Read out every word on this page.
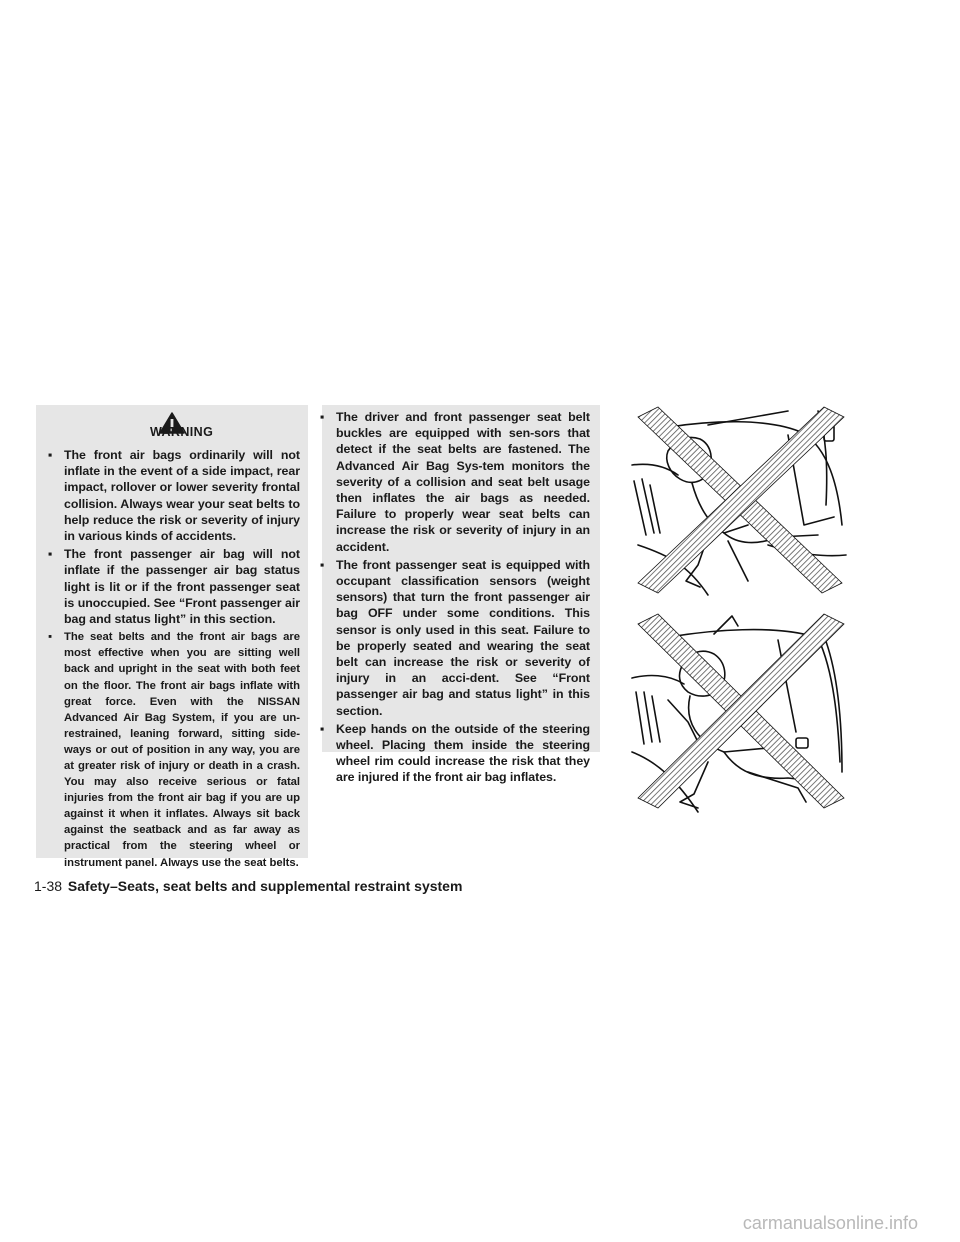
WARNING
▪ The front air bags ordinarily will not inflate in the event of a side impact, rear impact, rollover or lower severity frontal collision. Always wear your seat belts to help reduce the risk or severity of injury in various kinds of accidents.
▪ The front passenger air bag will not inflate if the passenger air bag status light is lit or if the front passenger seat is unoccupied. See “Front passenger air bag and status light” in this section.
▪ The seat belts and the front air bags are most effective when you are sitting well back and upright in the seat with both feet on the floor. The front air bags inflate with great force. Even with the NISSAN Advanced Air Bag System, if you are un-restrained, leaning forward, sitting side-ways or out of position in any way, you are at greater risk of injury or death in a crash. You may also receive serious or fatal injuries from the front air bag if you are up against it when it inflates. Always sit back against the seatback and as far away as practical from the steering wheel or instrument panel. Always use the seat belts.
▪ The driver and front passenger seat belt buckles are equipped with sen-sors that detect if the seat belts are fastened. The Advanced Air Bag Sys-tem monitors the severity of a collision and seat belt usage then inflates the air bags as needed. Failure to properly wear seat belts can increase the risk or severity of injury in an accident.
▪ The front passenger seat is equipped with occupant classification sensors (weight sensors) that turn the front passenger air bag OFF under some conditions. This sensor is only used in this seat. Failure to be properly seated and wearing the seat belt can increase the risk or severity of injury in an acci-dent. See “Front passenger air bag and status light” in this section.
▪ Keep hands on the outside of the steering wheel. Placing them inside the steering wheel rim could increase the risk that they are injured if the front air bag inflates.
1-38 Safety–Seats, seat belts and supplemental restraint system
carmanualsonline.info
